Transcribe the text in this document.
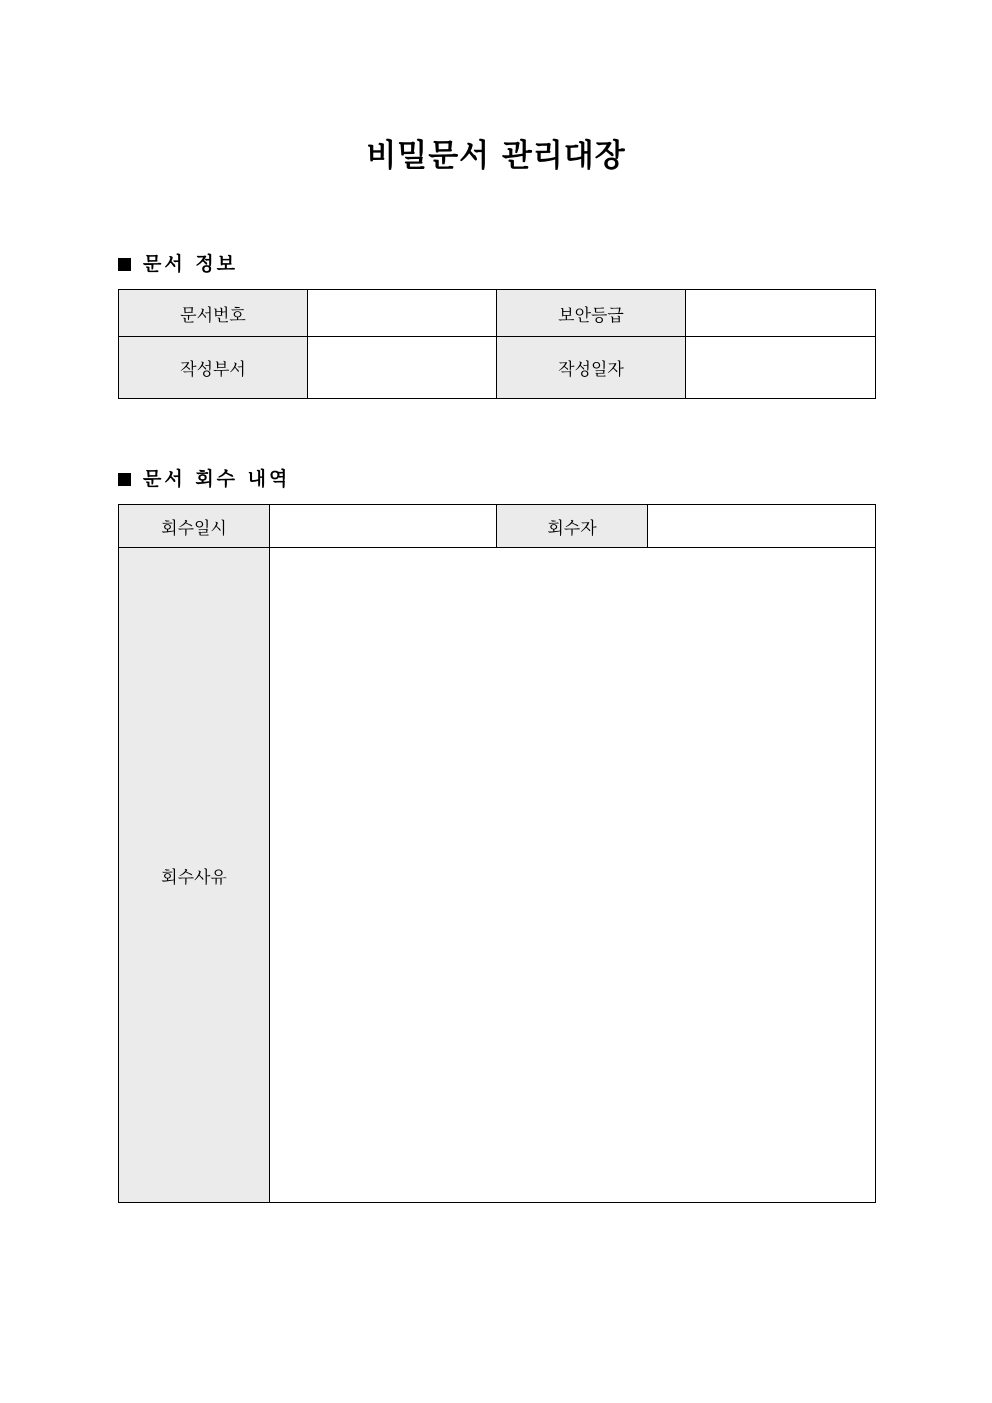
비밀문서 관리대장
문서 정보
문서번호		보안등급	
작성부서		작성일자	
문서 회수 내역
회수일시		회수자	
회수사유			
